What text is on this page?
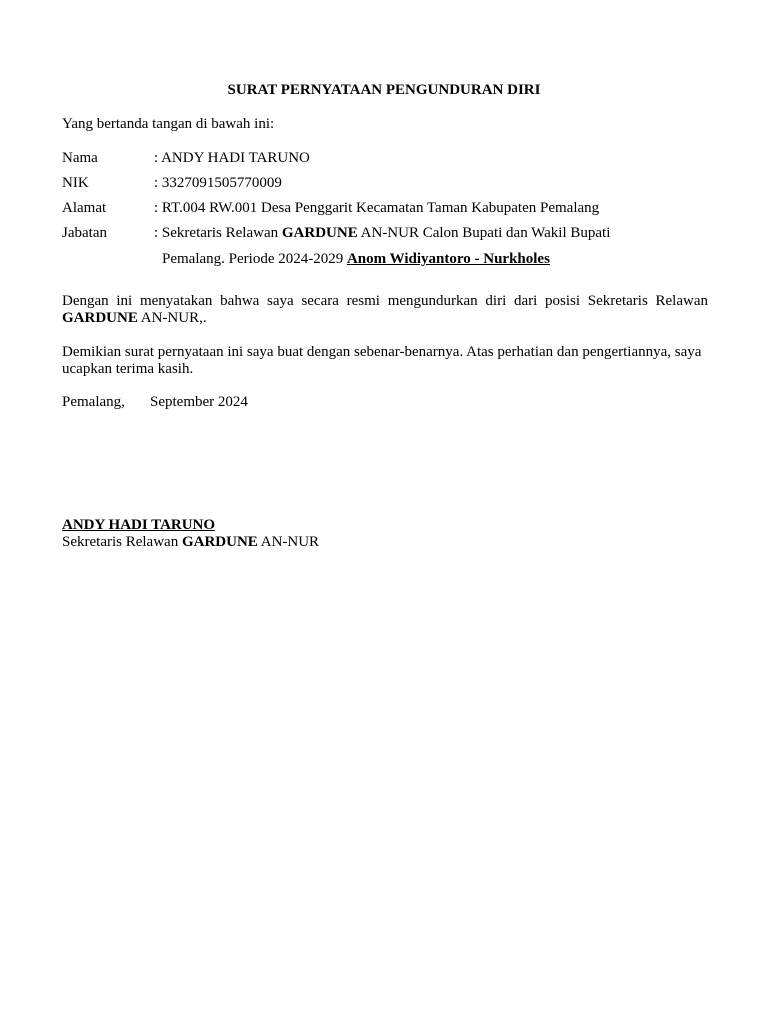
SURAT PERNYATAAN PENGUNDURAN DIRI
Yang bertanda tangan di bawah ini:
Nama	: ANDY HADI TARUNO
NIK	: 3327091505770009
Alamat	: RT.004 RW.001 Desa Penggarit Kecamatan Taman Kabupaten Pemalang
Jabatan	: Sekretaris Relawan GARDUNE AN-NUR Calon Bupati dan Wakil Bupati
Pemalang. Periode 2024-2029 Anom Widiyantoro - Nurkholes
Dengan ini menyatakan bahwa saya secara resmi mengundurkan diri dari posisi Sekretaris Relawan
GARDUNE AN-NUR,.
Demikian surat pernyataan ini saya buat dengan sebenar-benarnya. Atas perhatian dan pengertiannya, saya ucapkan terima kasih.
Pemalang, September 2024
ANDY HADI TARUNO
Sekretaris Relawan GARDUNE AN-NUR
